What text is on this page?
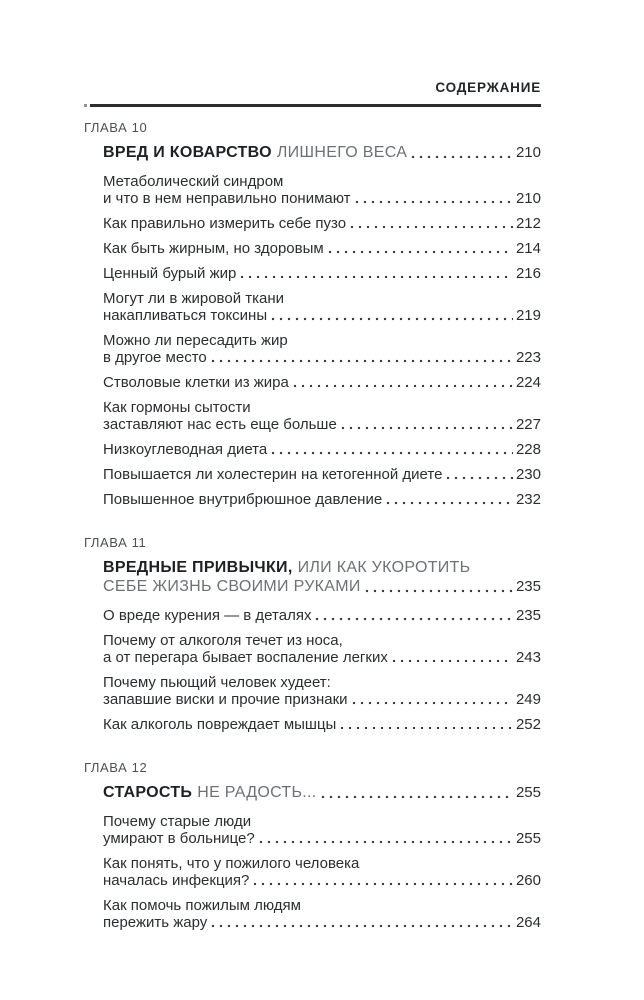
СОДЕРЖАНИЕ
ГЛАВА 10
ВРЕД И КОВАРСТВО ЛИШНЕГО ВЕСА	210
Метаболический синдром
и что в нем неправильно понимают	210
Как правильно измерить себе пузо	212
Как быть жирным, но здоровым	214
Ценный бурый жир	216
Могут ли в жировой ткани
накапливаться токсины	219
Можно ли пересадить жир
в другое место	223
Стволовые клетки из жира	224
Как гормоны сытости
заставляют нас есть еще больше	227
Низкоуглеводная диета	228
Повышается ли холестерин на кетогенной диете	230
Повышенное внутрибрюшное давление	232
ГЛАВА 11
ВРЕДНЫЕ ПРИВЫЧКИ, ИЛИ КАК УКОРОТИТЬ
СЕБЕ ЖИЗНЬ СВОИМИ РУКАМИ	235
О вреде курения — в деталях	235
Почему от алкоголя течет из носа,
а от перегара бывает воспаление легких	243
Почему пьющий человек худеет:
запавшие виски и прочие признаки	249
Как алкоголь повреждает мышцы	252
ГЛАВА 12
СТАРОСТЬ НЕ РАДОСТЬ...	255
Почему старые люди
умирают в больнице?	255
Как понять, что у пожилого человека
началась инфекция?	260
Как помочь пожилым людям
пережить жару	264
